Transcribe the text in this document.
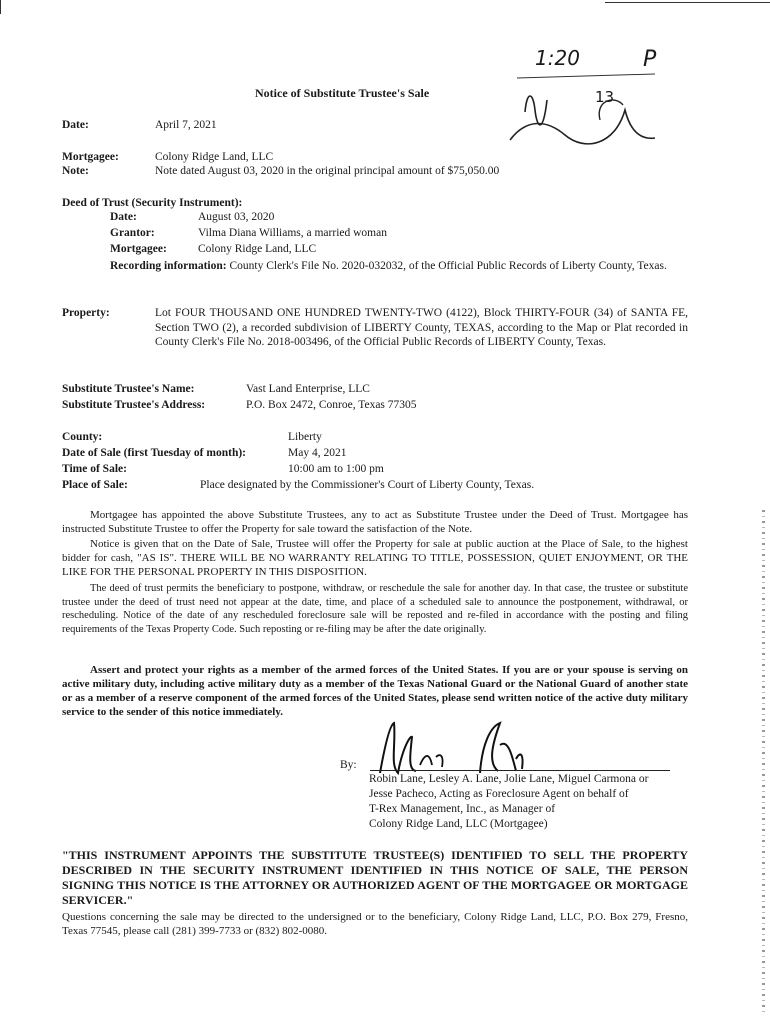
1:20	P
13
Notice of Substitute Trustee's Sale
Date:	April 7, 2021
Mortgagee:	Colony Ridge Land, LLC
Note:	Note dated August 03, 2020 in the original principal amount of $75,050.00
Deed of Trust (Security Instrument):
Date:	August 03, 2020
Grantor:	Vilma Diana Williams, a married woman
Mortgagee:	Colony Ridge Land, LLC
Recording information: County Clerk's File No. 2020-032032, of the Official Public Records of Liberty County, Texas.
Property:	Lot FOUR THOUSAND ONE HUNDRED TWENTY-TWO (4122), Block THIRTY-FOUR (34) of SANTA FE, Section TWO (2), a recorded subdivision of LIBERTY County, TEXAS, according to the Map or Plat recorded in County Clerk's File No. 2018-003496, of the Official Public Records of LIBERTY County, Texas.
Substitute Trustee's Name:	Vast Land Enterprise, LLC
Substitute Trustee's Address:	P.O. Box 2472, Conroe, Texas 77305
County:	Liberty
Date of Sale (first Tuesday of month):	May 4, 2021
Time of Sale:	10:00 am to 1:00 pm
Place of Sale:	Place designated by the Commissioner's Court of Liberty County, Texas.
Mortgagee has appointed the above Substitute Trustees, any to act as Substitute Trustee under the Deed of Trust. Mortgagee has instructed Substitute Trustee to offer the Property for sale toward the satisfaction of the Note.
Notice is given that on the Date of Sale, Trustee will offer the Property for sale at public auction at the Place of Sale, to the highest bidder for cash, "AS IS". THERE WILL BE NO WARRANTY RELATING TO TITLE, POSSESSION, QUIET ENJOYMENT, OR THE LIKE FOR THE PERSONAL PROPERTY IN THIS DISPOSITION.
The deed of trust permits the beneficiary to postpone, withdraw, or reschedule the sale for another day. In that case, the trustee or substitute trustee under the deed of trust need not appear at the date, time, and place of a scheduled sale to announce the postponement, withdrawal, or rescheduling. Notice of the date of any rescheduled foreclosure sale will be reposted and re-filed in accordance with the posting and filing requirements of the Texas Property Code. Such reposting or re-filing may be after the date originally.
Assert and protect your rights as a member of the armed forces of the United States. If you are or your spouse is serving on active military duty, including active military duty as a member of the Texas National Guard or the National Guard of another state or as a member of a reserve component of the armed forces of the United States, please send written notice of the active duty military service to the sender of this notice immediately.
By:
Robin Lane, Lesley A. Lane, Jolie Lane, Miguel Carmona or
Jesse Pacheco, Acting as Foreclosure Agent on behalf of
T-Rex Management, Inc., as Manager of
Colony Ridge Land, LLC (Mortgagee)
"THIS INSTRUMENT APPOINTS THE SUBSTITUTE TRUSTEE(S) IDENTIFIED TO SELL THE PROPERTY DESCRIBED IN THE SECURITY INSTRUMENT IDENTIFIED IN THIS NOTICE OF SALE, THE PERSON SIGNING THIS NOTICE IS THE ATTORNEY OR AUTHORIZED AGENT OF THE MORTGAGEE OR MORTGAGE SERVICER."
Questions concerning the sale may be directed to the undersigned or to the beneficiary, Colony Ridge Land, LLC, P.O. Box 279, Fresno, Texas 77545, please call (281) 399-7733 or (832) 802-0080.
